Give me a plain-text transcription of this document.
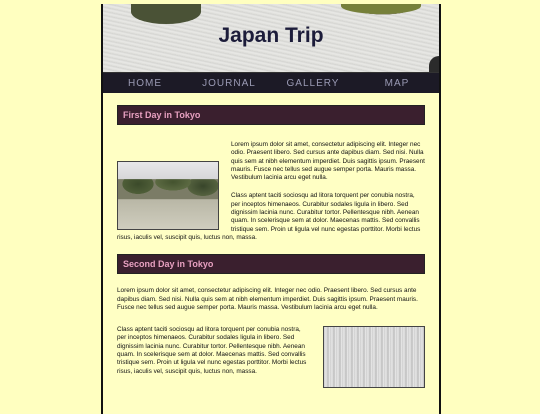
Japan Trip
HOME	JOURNAL	GALLERY	MAP
First Day in Tokyo

Lorem ipsum dolor sit amet, consectetur adipiscing elit. Integer nec odio. Praesent libero. Sed cursus ante dapibus diam. Sed nisi. Nulla quis sem at nibh elementum imperdiet. Duis sagittis ipsum. Praesent mauris. Fusce nec tellus sed augue semper porta. Mauris massa. Vestibulum lacinia arcu eget nulla.

Class aptent taciti sociosqu ad litora torquent per conubia nostra, per inceptos himenaeos. Curabitur sodales ligula in libero. Sed dignissim lacinia nunc. Curabitur tortor. Pellentesque nibh. Aenean quam. In scelerisque sem at dolor. Maecenas mattis. Sed convallis tristique sem. Proin ut ligula vel nunc egestas porttitor. Morbi lectus risus, iaculis vel, suscipit quis, luctus non, massa.

Second Day in Tokyo

Lorem ipsum dolor sit amet, consectetur adipiscing elit. Integer nec odio. Praesent libero. Sed cursus ante dapibus diam. Sed nisi. Nulla quis sem at nibh elementum imperdiet. Duis sagittis ipsum. Praesent mauris. Fusce nec tellus sed augue semper porta. Mauris massa. Vestibulum lacinia arcu eget nulla.

Class aptent taciti sociosqu ad litora torquent per conubia nostra, per inceptos himenaeos. Curabitur sodales ligula in libero. Sed dignissim lacinia nunc. Curabitur tortor. Pellentesque nibh. Aenean quam. In scelerisque sem at dolor. Maecenas mattis. Sed convallis tristique sem. Proin ut ligula vel nunc egestas porttitor. Morbi lectus risus, iaculis vel, suscipit quis, luctus non, massa.
